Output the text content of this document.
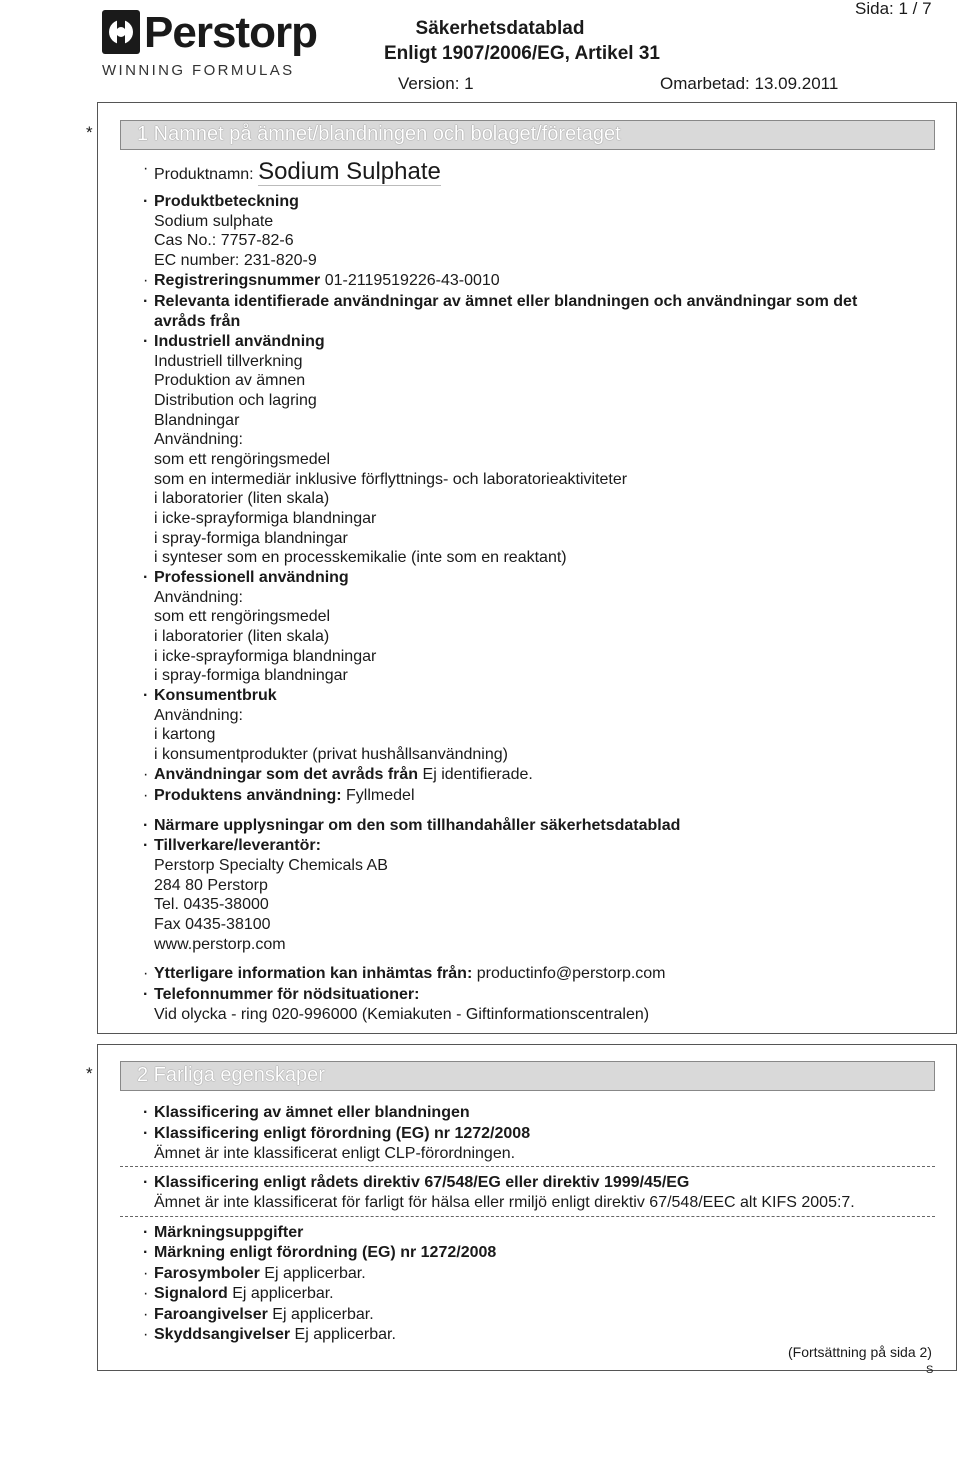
Perstorp
WINNING FORMULAS
Säkerhetsdatablad
Enligt 1907/2006/EG, Artikel 31
Version: 1	Omarbetad: 13.09.2011
Sida: 1 / 7
*	1 Namnet på ämnet/blandningen och bolaget/företaget
· Produktnamn: Sodium Sulphate
· Produktbeteckning
Sodium sulphate
Cas No.: 7757-82-6
EC number: 231-820-9
· Registreringsnummer 01-2119519226-43-0010
· Relevanta identifierade användningar av ämnet eller blandningen och användningar som det
avråds från
· Industriell användning
Industriell tillverkning
Produktion av ämnen
Distribution och lagring
Blandningar
Användning:
som ett rengöringsmedel
som en intermediär inklusive förflyttnings- och laboratorieaktiviteter
i laboratorier (liten skala)
i icke-sprayformiga blandningar
i spray-formiga blandningar
i synteser som en processkemikalie (inte som en reaktant)
· Professionell användning
Användning:
som ett rengöringsmedel
i laboratorier (liten skala)
i icke-sprayformiga blandningar
i spray-formiga blandningar
· Konsumentbruk
Användning:
i kartong
i konsumentprodukter (privat hushållsanvändning)
· Användningar som det avråds från Ej identifierade.
· Produktens användning: Fyllmedel
· Närmare upplysningar om den som tillhandahåller säkerhetsdatablad
· Tillverkare/leverantör:
Perstorp Specialty Chemicals AB
284 80 Perstorp
Tel. 0435-38000
Fax 0435-38100
www.perstorp.com
· Ytterligare information kan inhämtas från: productinfo@perstorp.com
· Telefonnummer för nödsituationer:
Vid olycka - ring 020-996000 (Kemiakuten - Giftinformationscentralen)
*	2 Farliga egenskaper
· Klassificering av ämnet eller blandningen
· Klassificering enligt förordning (EG) nr 1272/2008
Ämnet är inte klassificerat enligt CLP-förordningen.
· Klassificering enligt rådets direktiv 67/548/EG eller direktiv 1999/45/EG
Ämnet är inte klassificerat för farligt för hälsa eller rmiljö enligt direktiv 67/548/EEC alt KIFS 2005:7.
· Märkningsuppgifter
· Märkning enligt förordning (EG) nr 1272/2008
· Farosymboler Ej applicerbar.
· Signalord Ej applicerbar.
· Faroangivelser Ej applicerbar.
· Skyddsangivelser Ej applicerbar.
(Fortsättning på sida 2)
S
